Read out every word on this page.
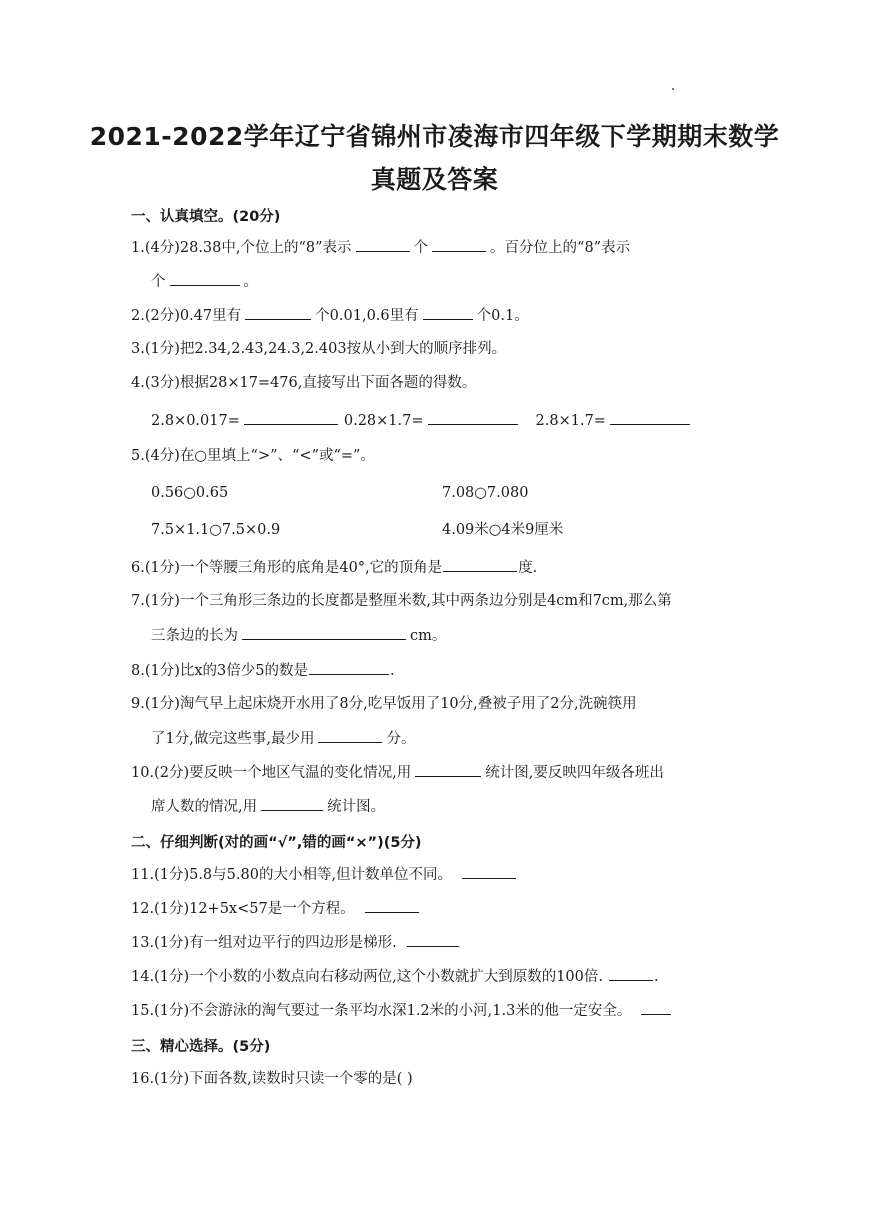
2021-2022学年辽宁省锦州市凌海市四年级下学期期末数学
真题及答案
一、认真填空。(20分)
1.(4分)28.38中,个位上的“8”表示	个	。百分位上的“8”表示
个	。
2.(2分)0.47里有	个0.01,0.6里有	个0.1。
3.(1分)把2.34,2.43,24.3,2.403按从小到大的顺序排列。
4.(3分)根据28×17=476,直接写出下面各题的得数。
2.8×0.017=	0.28×1.7=	2.8×1.7=
5.(4分)在○里填上“>”、“<”或“=”。
0.56○0.65	7.08○7.080
7.5×1.1○7.5×0.9	4.09米○4米9厘米
6.(1分)一个等腰三角形的底角是40°,它的顶角是	度.
7.(1分)一个三角形三条边的长度都是整厘米数,其中两条边分别是4cm和7cm,那么第
三条边的长为	cm。
8.(1分)比x的3倍少5的数是	.
9.(1分)淘气早上起床烧开水用了8分,吃早饭用了10分,叠被子用了2分,洗碗筷用
了1分,做完这些事,最少用	分。
10.(2分)要反映一个地区气温的变化情况,用	统计图,要反映四年级各班出
席人数的情况,用	统计图。
二、仔细判断(对的画“√”,错的画“×”)(5分)
11.(1分)5.8与5.80的大小相等,但计数单位不同。
12.(1分)12+5x<57是一个方程。
13.(1分)有一组对边平行的四边形是梯形.
14.(1分)一个小数的小数点向右移动两位,这个小数就扩大到原数的100倍.	.
15.(1分)不会游泳的淘气要过一条平均水深1.2米的小河,1.3米的他一定安全。
三、精心选择。(5分)
16.(1分)下面各数,读数时只读一个零的是( )
